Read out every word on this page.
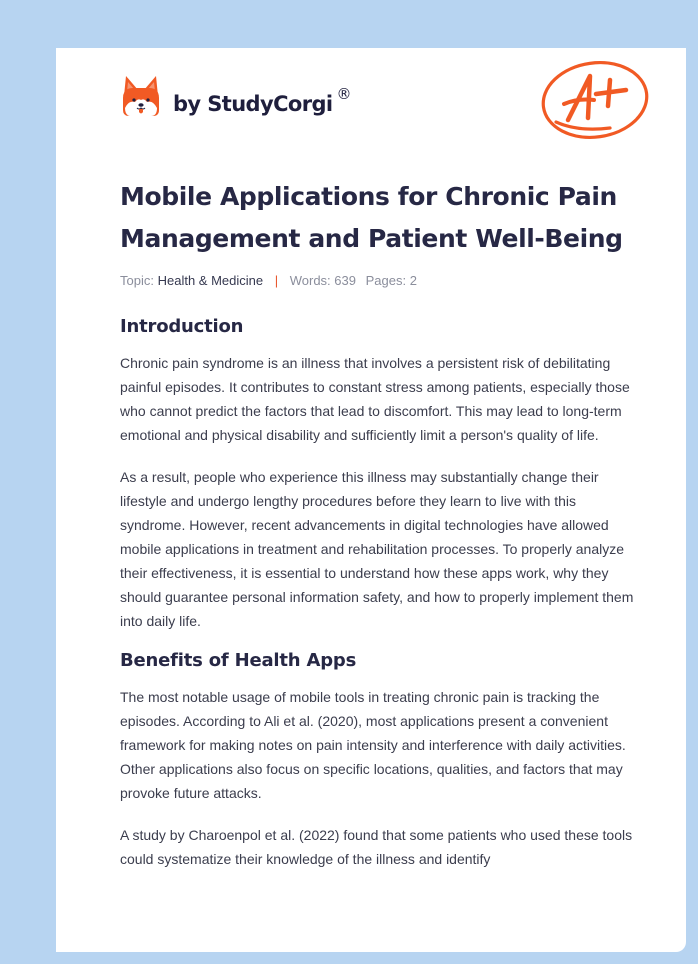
by StudyCorgi ®
Mobile Applications for Chronic Pain Management and Patient Well-Being
Topic: Health & Medicine | Words: 639 Pages: 2
Introduction

Chronic pain syndrome is an illness that involves a persistent risk of debilitating painful episodes. It contributes to constant stress among patients, especially those who cannot predict the factors that lead to discomfort. This may lead to long-term emotional and physical disability and sufficiently limit a person's quality of life.

As a result, people who experience this illness may substantially change their lifestyle and undergo lengthy procedures before they learn to live with this syndrome. However, recent advancements in digital technologies have allowed mobile applications in treatment and rehabilitation processes. To properly analyze their effectiveness, it is essential to understand how these apps work, why they should guarantee personal information safety, and how to properly implement them into daily life.

Benefits of Health Apps

The most notable usage of mobile tools in treating chronic pain is tracking the episodes. According to Ali et al. (2020), most applications present a convenient framework for making notes on pain intensity and interference with daily activities. Other applications also focus on specific locations, qualities, and factors that may provoke future attacks.

A study by Charoenpol et al. (2022) found that some patients who used these tools could systematize their knowledge of the illness and identify
